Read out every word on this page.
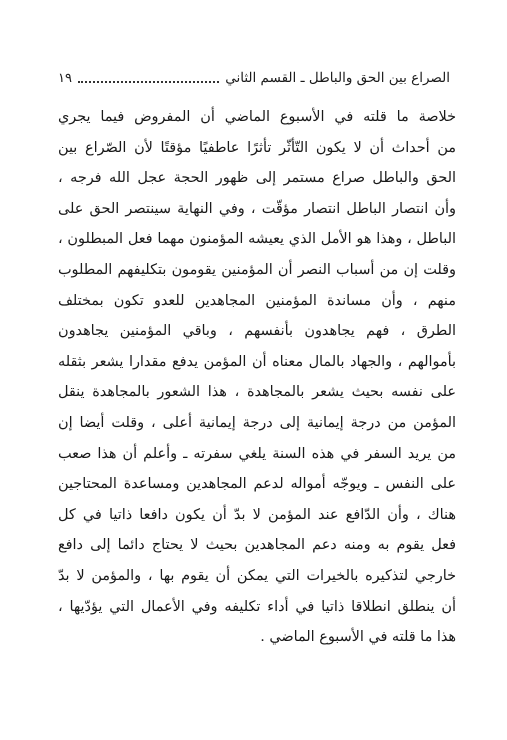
الصراع بين الحق والباطل ـ القسم الثاني
١٩
خلاصة ما قلته في الأسبوع الماضي أن المفروض فيما يجري
من أحداث أن لا يكون التّأثّر تأثرًا عاطفيًا مؤقتًا لأن الصّراع بين
الحق والباطل صراع مستمر إلى ظهور الحجة عجل الله فرجه ،
وأن انتصار الباطل انتصار مؤقّت ، وفي النهاية سينتصر الحق على
الباطل ، وهذا هو الأمل الذي يعيشه المؤمنون مهما فعل المبطلون ،
وقلت إن من أسباب النصر أن المؤمنين يقومون بتكليفهم المطلوب
منهم ، وأن مساندة المؤمنين المجاهدين للعدو تكون بمختلف
الطرق ، فهم يجاهدون بأنفسهم ، وباقي المؤمنين يجاهدون
بأموالهم ، والجهاد بالمال معناه أن المؤمن يدفع مقدارا يشعر بثقله
على نفسه بحيث يشعر بالمجاهدة ، هذا الشعور بالمجاهدة ينقل
المؤمن من درجة إيمانية إلى درجة إيمانية أعلى ، وقلت أيضا إن
من يريد السفر في هذه السنة يلغي سفرته ـ وأعلم أن هذا صعب
على النفس ـ ويوجّه أمواله لدعم المجاهدين ومساعدة المحتاجين
هناك ، وأن الدّافع عند المؤمن لا بدّ أن يكون دافعا ذاتيا في كل
فعل يقوم به ومنه دعم المجاهدين بحيث لا يحتاج دائما إلى دافع
خارجي لتذكيره بالخيرات التي يمكن أن يقوم بها ، والمؤمن لا بدّ
أن ينطلق انطلاقا ذاتيا في أداء تكليفه وفي الأعمال التي يؤدّيها ،
هذا ما قلته في الأسبوع الماضي .
